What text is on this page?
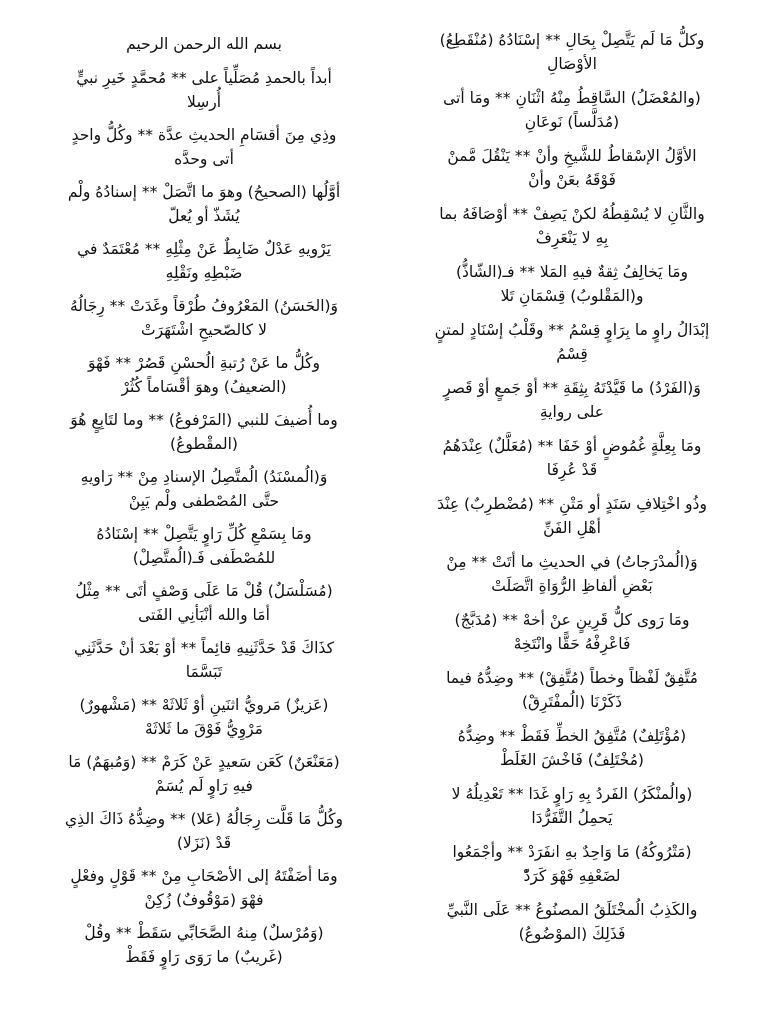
وكلُّ مَا لَم يَتَّصِلْ بِحَالِ ** إسْنَادُهُ (مُنْقَطِعُ)
الأوْصَالِ
(والمُعْضَلُ) السَّاقِطُ مِنْهُ اثْنَانِ ** ومَا أتى
(مُدَلَّساً) نَوعَانِ
الأوَّلُ الإسْقاطُ للشَّيخِ وأنْ ** يَنْقُلَ مَّمنْ
فَوْقَهُ بعَنْ وأنْ
والثَّانِ لا يُسْقِطُهُ لكنْ يَصِفْ ** أوْصَافَهُ بما
بِهِ لا يَنْعَرِفْ
ومَا يَخالِفُ ثِقةٌ فيهِ المَلا ** فـ(الشّاذُّ)
و(المَقْلوبُ) قِسْمَانِ تَلا
إبْدَالُ راوٍ ما بِرَاوٍ قِسْمُ ** وقَلْبُ إسْنَادٍ لمتنٍ
قِسْمُ
وَ(الفَرْدُ) ما قَيَّدْتَهُ بِثِقَةِ ** أوْ جَمعٍ أوْ قَصرٍ
على روايةِ
ومَا بِعِلَّةٍ غُمُوضٍ أوْ خَفَا ** (مُعَلَّلٌ) عِنْدَهُمُ
قَدْ عُرِفَا
وذُو اخْتِلافِ سَنَدٍ أو مَتْنِ ** (مُضْطرِبٌ) عِنْدَ
أهْلِ الفَنِّ
وَ(الُمدْرَجاتُ) في الحديثِ ما أتَتْ ** مِنْ
بَعْضِ ألفاظِ الرُّوَاةِ اتَّصَلَتْ
ومَا رَوى كلُّ قَرِينٍ عنْ أخهْ ** (مُدَبَّجٌ)
فَاعْرِفْهُ حَقًّا وانْتَخِهْ
مُتَّفِقٌ لَفْظاً وخطاً (مُتَّفِقْ) ** وضِدُّهُ فيما
ذَكَرْنَا (الُمفْتَرِقْ)
(مُؤْتَلِفٌ) مُتَّفِقُ الخطِّ فَقَطْ ** وضِدُّهُ
(مُخْتَلِفٌ) فَاخْشَ الغَلَطْ
(والُمنْكَرُ) الفَردُ بِهِ رَاوٍ غَدَا ** تَعْدِيلُهُ لا
يَحمِلُ التَّفَرُّدَا
(مَتْرُوكُهُ) مَا وَاحِدٌ بهِ انفَرَدْ ** وأجْمَعُوا
لضَعْفِهِ فَهْوَ كَرَدّْ
والكَذِبُ الُمخْتَلَقُ المصنُوعُ ** عَلَى النَّبيِّ
فَذَلِكَ (الموْضُوعُ)
بسم الله الرحمن الرحيم
أبداً بالحمدِ مُصَلِّياً على ** مُحمَّدٍ خَيرِ نبيٍّ
أُرسِلا
وذِي مِنَ أقسَامِ الحديثِ عدَّة ** وكُلُّ واحدٍ
أتى وحدَّه
أوَّلُها (الصحيحُ) وهوَ ما اتَّصَلْ ** إسنادُهُ ولْم
يُشَذّ أو يُعلّ
يَرْويهِ عَدْلٌ ضَابِطٌ عَنْ مِثْلِهِ ** مُعْتَمَدٌ في
ضَبْطِهِ ونَقْلِهِ
وَ(الحَسَنُ) المَعْرُوفُ طُرْقاً وغَدَتْ ** رِجَالُهُ
لا كالصّحيحِ اشْتَهَرَتْ
وكُلُّ ما عَنْ رُتبةِ الُحسْنِ قَصُرْ ** فَهْوَ
(الضعيفُ) وهوَ أقْسَاماً كُثُرْ
وما أُضيفَ للنبي (المَرْفوعُ) ** وما لتَابِعٍ هُوَ
(المقْطوعُ)
وَ(الُمسْنَدُ) الُمتَّصِلُ الإسنادِ مِنْ ** رَاويهِ
حتَّى المُصْطفى ولْم يَبِنْ
ومَا بِسَمْعِ كُلِّ رَاوٍ يَتَّصِلْ ** إسْنَادُهُ
للمُصْطَفى فَـ(الُمتَّصِلْ)
(مُسَلْسَلٌ) قُلْ مَا عَلَى وَصْفٍ أتَى ** مِثْلُ
أمَا والله أنْبَأنِي الفَتى
كذَاكَ قَدْ حَدَّثَنِيهِ قائِماً ** أوْ بَعْدَ أنْ حَدَّثَنِي
تَبَسَّمَا
(عَزيزٌ) مَرويُّ اثنَينِ أوْ ثَلاثَهْ ** (مَشْهورٌ)
مَرْوِيُّ فَوْقَ ما ثَلاثَهْ
(مَعَنْعَنٌ) كَعَن سَعيدٍ عَنْ كَرَمْ ** (وَمُبهَمٌ) مَا
فيهِ رَاوٍ لَم يُسَمْ
وكُلُّ مَا قَلَّت رِجَالُهُ (عَلا) ** وضِدُّهُ ذَاكَ الذِي
قَدْ (نَزَلا)
ومَا أضَفْتَهُ إلى الأصْحَابِ مِنْ ** قَوْلٍ وفعْلٍ
فهْوَ (مَوْقُوفٌ) زُكِنْ
(وَمُرْسلٌ) مِنهُ الصَّحَابِّي سَقَطْ ** وقُلْ
(غَريبٌ) ما رَوَى رَاوٍ فَقَطْ
